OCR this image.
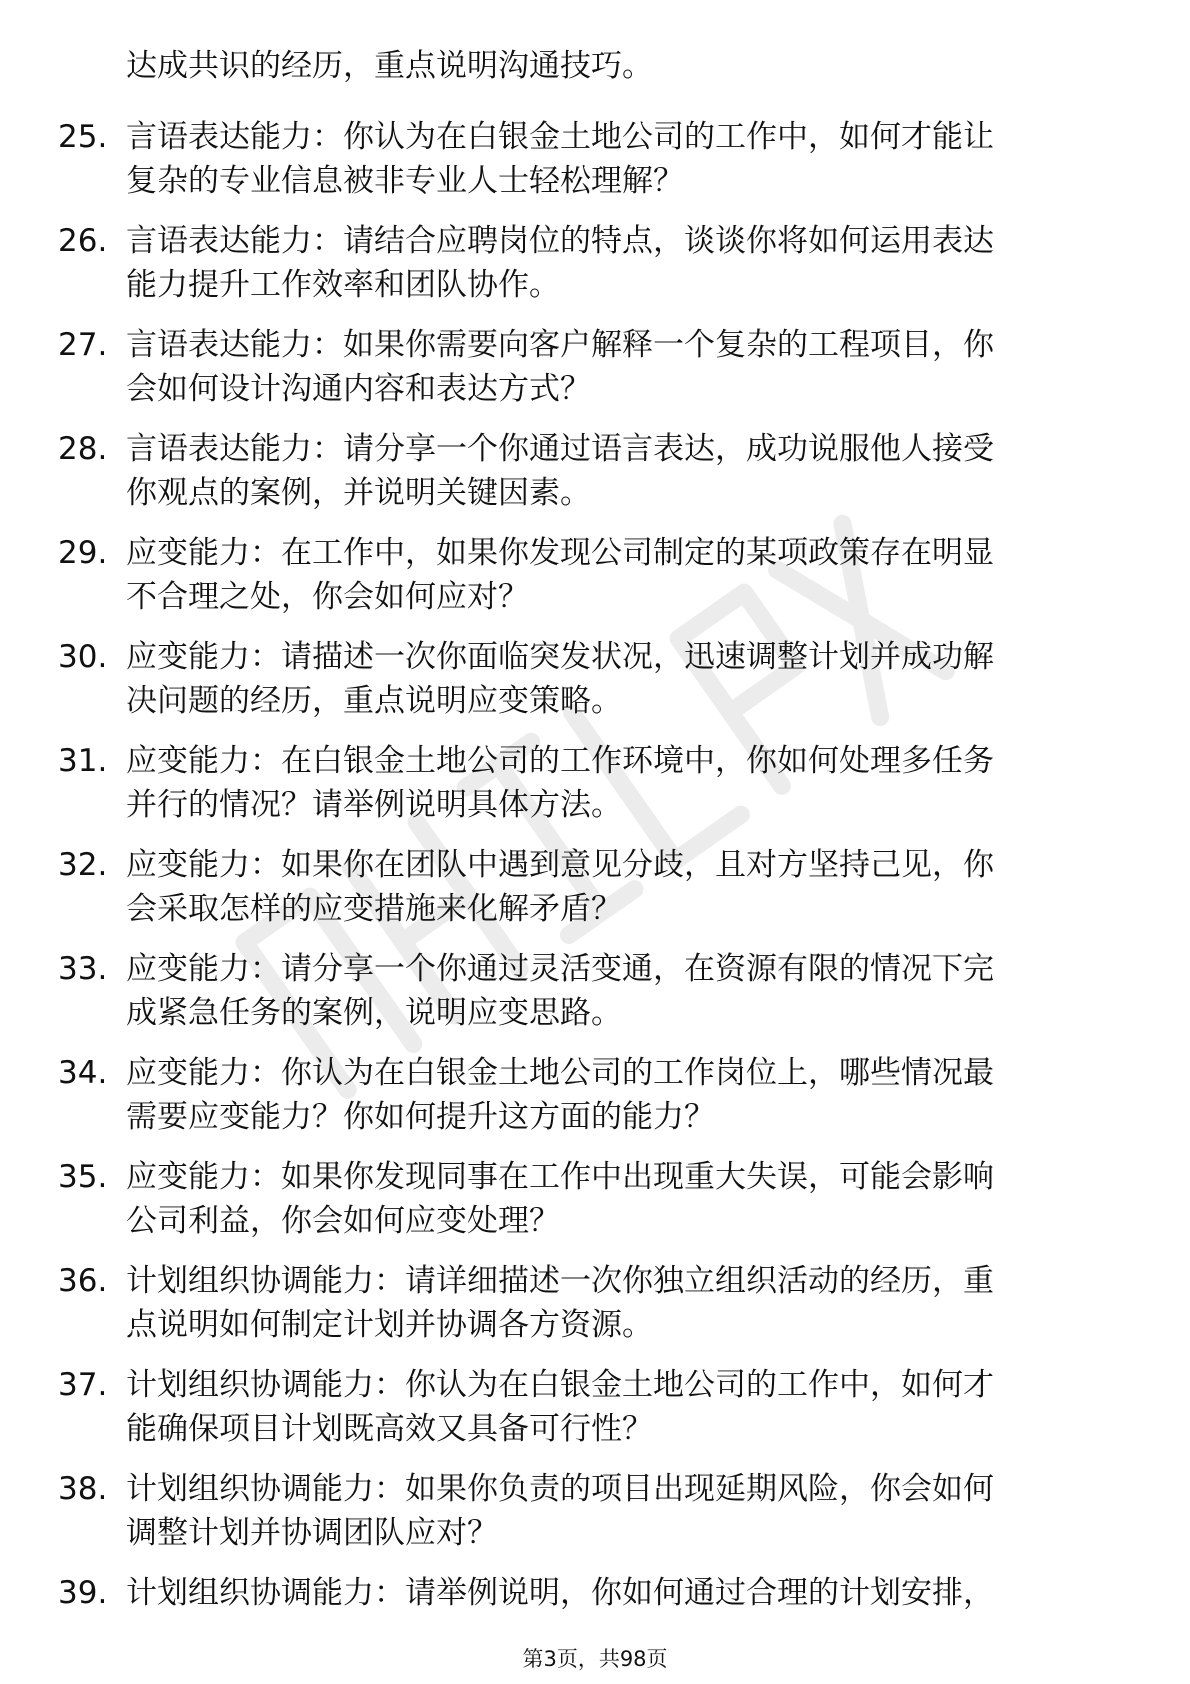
达成共识的经历，重点说明沟通技巧。
25. 言语表达能力：你认为在白银金土地公司的工作中，如何才能让
复杂的专业信息被非专业人士轻松理解？
26. 言语表达能力：请结合应聘岗位的特点，谈谈你将如何运用表达
能力提升工作效率和团队协作。
27. 言语表达能力：如果你需要向客户解释一个复杂的工程项目，你
会如何设计沟通内容和表达方式？
28. 言语表达能力：请分享一个你通过语言表达，成功说服他人接受
你观点的案例，并说明关键因素。
29. 应变能力：在工作中，如果你发现公司制定的某项政策存在明显
不合理之处，你会如何应对？
30. 应变能力：请描述一次你面临突发状况，迅速调整计划并成功解
决问题的经历，重点说明应变策略。
31. 应变能力：在白银金土地公司的工作环境中，你如何处理多任务
并行的情况？请举例说明具体方法。
32. 应变能力：如果你在团队中遇到意见分歧，且对方坚持己见，你
会采取怎样的应变措施来化解矛盾？
33. 应变能力：请分享一个你通过灵活变通，在资源有限的情况下完
成紧急任务的案例，说明应变思路。
34. 应变能力：你认为在白银金土地公司的工作岗位上，哪些情况最
需要应变能力？你如何提升这方面的能力？
35. 应变能力：如果你发现同事在工作中出现重大失误，可能会影响
公司利益，你会如何应变处理？
36. 计划组织协调能力：请详细描述一次你独立组织活动的经历，重
点说明如何制定计划并协调各方资源。
37. 计划组织协调能力：你认为在白银金土地公司的工作中，如何才
能确保项目计划既高效又具备可行性？
38. 计划组织协调能力：如果你负责的项目出现延期风险，你会如何
调整计划并协调团队应对？
39. 计划组织协调能力：请举例说明，你如何通过合理的计划安排，
第3页，共98页
